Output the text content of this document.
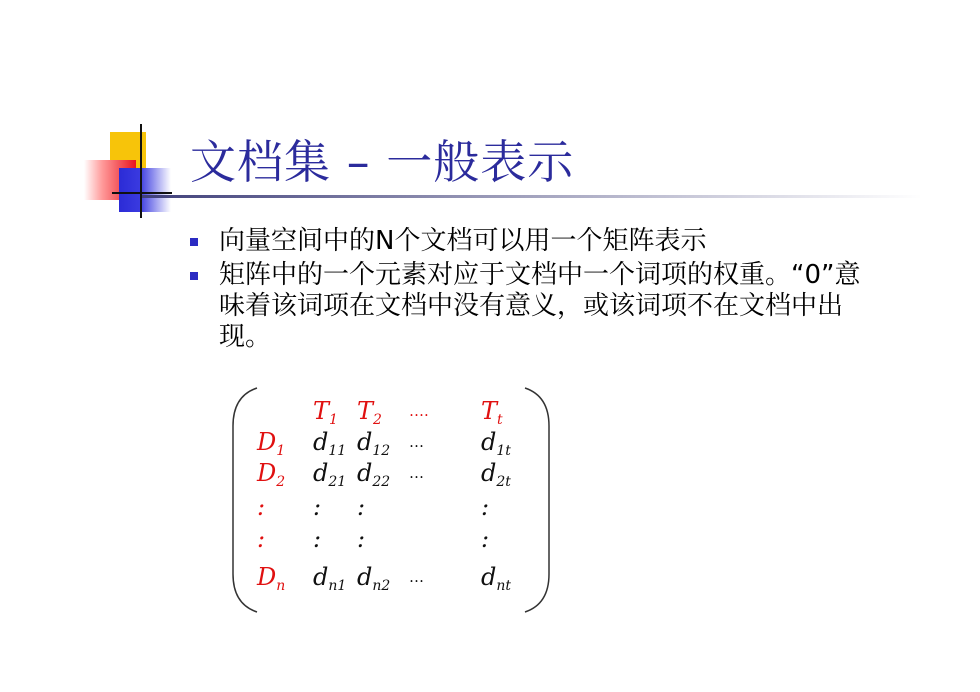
文档集 – 一般表示
向量空间中的N个文档可以用一个矩阵表示
矩阵中的一个元素对应于文档中一个词项的权重。“0”意味着该词项在文档中没有意义，或该词项不在文档中出现。
$T_1$ $T_2$ …. $T_t$
$D_1$ $d_{11}$ $d_{12}$ … $d_{1t}$
$D_2$ $d_{21}$ $d_{22}$ … $d_{2t}$
: : :	:
: : :	:
$D_n$ $d_{n1}$ $d_{n2}$ … $d_{nt}$
